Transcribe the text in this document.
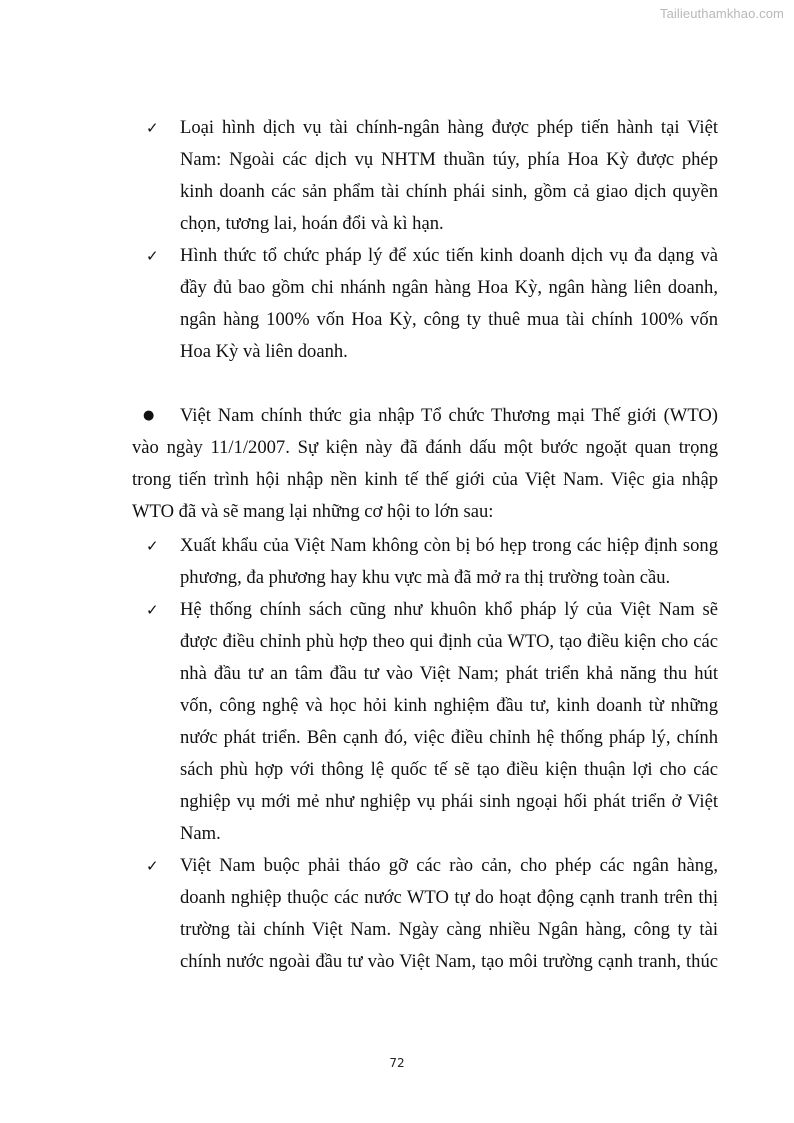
Tailieuthamkhao.com
✓ Loại hình dịch vụ tài chính-ngân hàng được phép tiến hành tại Việt
Nam: Ngoài các dịch vụ NHTM thuần túy, phía Hoa Kỳ được phép
kinh doanh các sản phẩm tài chính phái sinh, gồm cả giao dịch quyền
chọn, tương lai, hoán đổi và kì hạn.
✓ Hình thức tổ chức pháp lý để xúc tiến kinh doanh dịch vụ đa dạng và
đầy đủ bao gồm chi nhánh ngân hàng Hoa Kỳ, ngân hàng liên doanh,
ngân hàng 100% vốn Hoa Kỳ, công ty thuê mua tài chính 100% vốn
Hoa Kỳ và liên doanh.
● Việt Nam chính thức gia nhập Tổ chức Thương mại Thế giới (WTO)
vào ngày 11/1/2007. Sự kiện này đã đánh dấu một bước ngoặt quan trọng
trong tiến trình hội nhập nền kinh tế thế giới của Việt Nam. Việc gia nhập
WTO đã và sẽ mang lại những cơ hội to lớn sau:
✓ Xuất khẩu của Việt Nam không còn bị bó hẹp trong các hiệp định song
phương, đa phương hay khu vực mà đã mở ra thị trường toàn cầu.
✓ Hệ thống chính sách cũng như khuôn khổ pháp lý của Việt Nam sẽ
được điều chỉnh phù hợp theo qui định của WTO, tạo điều kiện cho các
nhà đầu tư an tâm đầu tư vào Việt Nam; phát triển khả năng thu hút
vốn, công nghệ và học hỏi kinh nghiệm đầu tư, kinh doanh từ những
nước phát triển. Bên cạnh đó, việc điều chỉnh hệ thống pháp lý, chính
sách phù hợp với thông lệ quốc tế sẽ tạo điều kiện thuận lợi cho các
nghiệp vụ mới mẻ như nghiệp vụ phái sinh ngoại hối phát triển ở Việt
Nam.
✓ Việt Nam buộc phải tháo gỡ các rào cản, cho phép các ngân hàng,
doanh nghiệp thuộc các nước WTO tự do hoạt động cạnh tranh trên thị
trường tài chính Việt Nam. Ngày càng nhiều Ngân hàng, công ty tài
chính nước ngoài đầu tư vào Việt Nam, tạo môi trường cạnh tranh, thúc
72
